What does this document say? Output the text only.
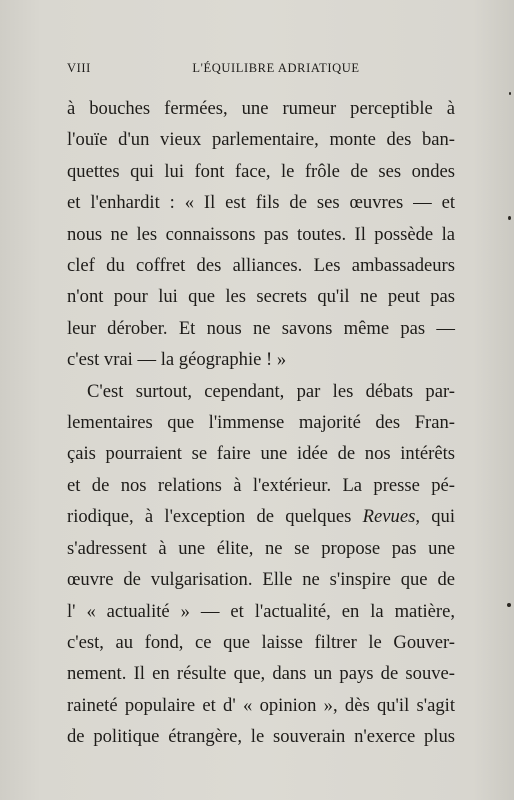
VIII	L'ÉQUILIBRE ADRIATIQUE
à bouches fermées, une rumeur perceptible à
l'ouïe d'un vieux parlementaire, monte des ban-
quettes qui lui font face, le frôle de ses ondes
et l'enhardit : « Il est fils de ses œuvres — et
nous ne les connaissons pas toutes. Il possède la
clef du coffret des alliances. Les ambassadeurs
n'ont pour lui que les secrets qu'il ne peut pas
leur dérober. Et nous ne savons même pas —
c'est vrai — la géographie ! »
C'est surtout, cependant, par les débats par-
lementaires que l'immense majorité des Fran-
çais pourraient se faire une idée de nos intérêts
et de nos relations à l'extérieur. La presse pé-
riodique, à l'exception de quelques Revues, qui
s'adressent à une élite, ne se propose pas une
œuvre de vulgarisation. Elle ne s'inspire que de
l' « actualité » — et l'actualité, en la matière,
c'est, au fond, ce que laisse filtrer le Gouver-
nement. Il en résulte que, dans un pays de souve-
raineté populaire et d' « opinion », dès qu'il s'agit
de politique étrangère, le souverain n'exerce plus
